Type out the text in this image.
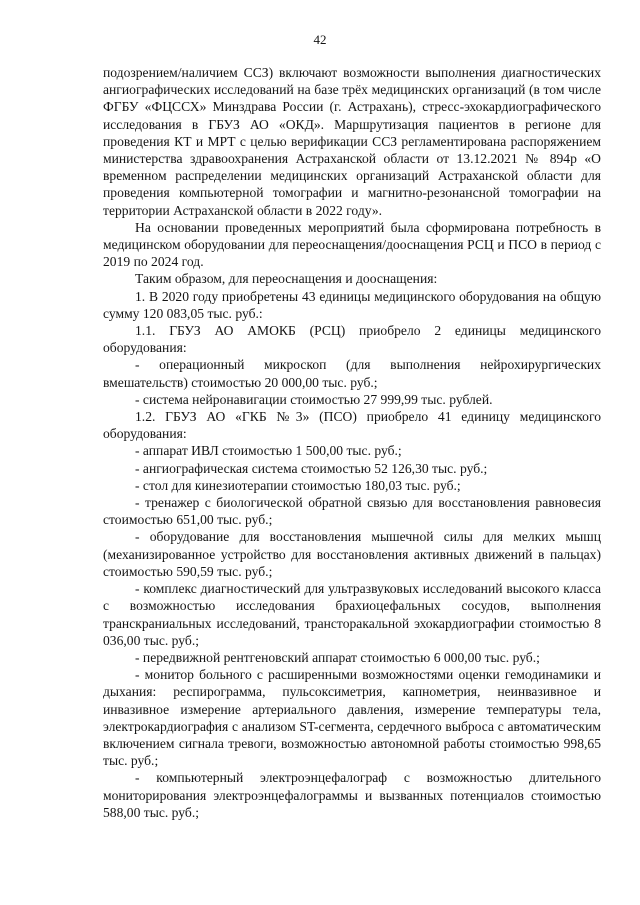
42

подозрением/наличием ССЗ) включают возможности выполнения диагностических ангиографических исследований на базе трёх медицинских организаций (в том числе ФГБУ «ФЦССХ» Минздрава России (г. Астрахань), стресс-эхокардиографического исследования в ГБУЗ АО «ОКД». Маршрутизация пациентов в регионе для проведения КТ и МРТ с целью верификации ССЗ регламентирована распоряжением министерства здравоохранения Астраханской области от 13.12.2021 № 894р «О временном распределении медицинских организаций Астраханской области для проведения компьютерной томографии и магнитно-резонансной томографии на территории Астраханской области в 2022 году».

На основании проведенных мероприятий была сформирована потребность в медицинском оборудовании для переоснащения/дооснащения РСЦ и ПСО в период с 2019 по 2024 год.

Таким образом, для переоснащения и дооснащения:

1. В 2020 году приобретены 43 единицы медицинского оборудования на общую сумму 120 083,05 тыс. руб.:

1.1. ГБУЗ АО АМОКБ (РСЦ) приобрело 2 единицы медицинского оборудования:

- операционный микроскоп (для выполнения нейрохирургических вмешательств) стоимостью 20 000,00 тыс. руб.;

- система нейронавигации стоимостью 27 999,99 тыс. рублей.

1.2. ГБУЗ АО «ГКБ №3» (ПСО) приобрело 41 единицу медицинского оборудования:

- аппарат ИВЛ стоимостью 1 500,00 тыс. руб.;

- ангиографическая система стоимостью 52 126,30 тыс. руб.;

- стол для кинезиотерапии стоимостью 180,03 тыс. руб.;

- тренажер с биологической обратной связью для восстановления равновесия стоимостью 651,00 тыс. руб.;

- оборудование для восстановления мышечной силы для мелких мышц (механизированное устройство для восстановления активных движений в пальцах) стоимостью 590,59 тыс. руб.;

- комплекс диагностический для ультразвуковых исследований высокого класса с возможностью исследования брахиоцефальных сосудов, выполнения транскраниальных исследований, трансторакальной эхокардиографии стоимостью 8 036,00 тыс. руб.;

- передвижной рентгеновский аппарат стоимостью 6 000,00 тыс. руб.;

- монитор больного с расширенными возможностями оценки гемодинамики и дыхания: респирограмма, пульсоксиметрия, капнометрия, неинвазивное и инвазивное измерение артериального давления, измерение температуры тела, электрокардиография с анализом ST-сегмента, сердечного выброса с автоматическим включением сигнала тревоги, возможностью автономной работы стоимостью 998,65 тыс. руб.;

- компьютерный электроэнцефалограф с возможностью длительного мониторирования электроэнцефалограммы и вызванных потенциалов стоимостью 588,00 тыс. руб.;
